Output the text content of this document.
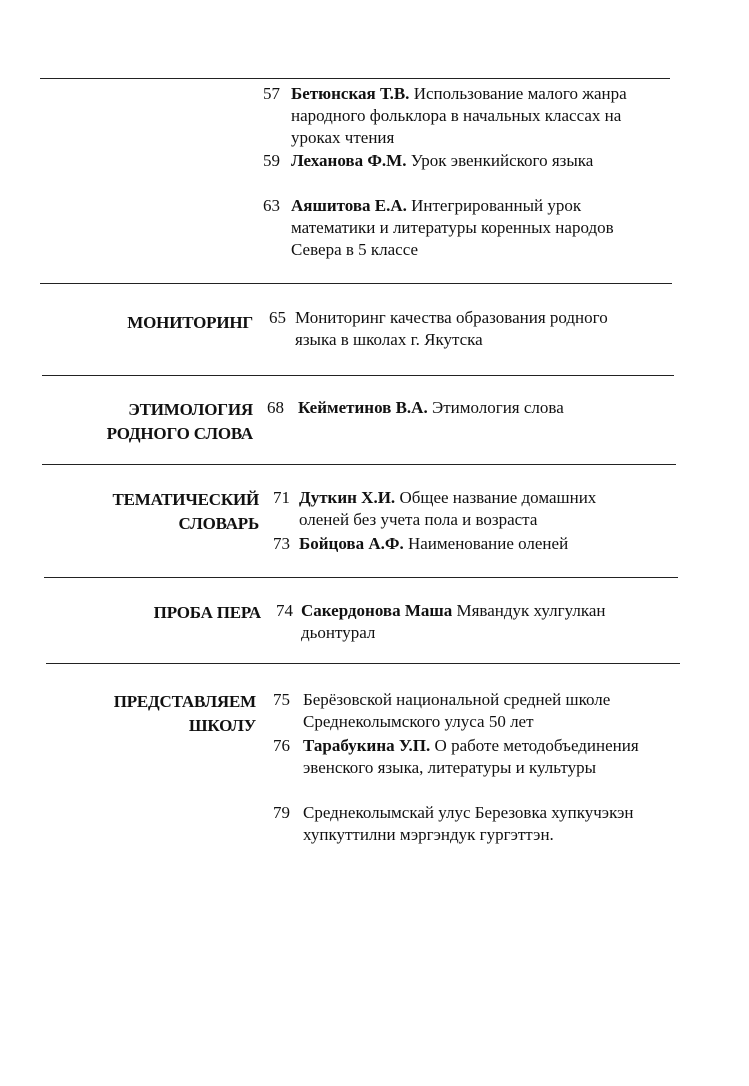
57 Бетюнская Т.В. Использование малого жанра народного фольклора в начальных классах на уроках чтения
59 Леханова Ф.М. Урок эвенкийского языка
63 Аяшитова Е.А. Интегрированный урок математики и литературы коренных народов Севера в 5 классе
МОНИТОРИНГ 65 Мониторинг качества образования родного языка в школах г. Якутска
ЭТИМОЛОГИЯ РОДНОГО СЛОВА
68 Кейметинов В.А. Этимология слова
ТЕМАТИЧЕСКИЙ СЛОВАРЬ
71 Дуткин Х.И. Общее название домашних оленей без учета пола и возраста
73 Бойцова А.Ф. Наименование оленей
ПРОБА ПЕРА 74 Сакердонова Маша Мявандук хулгулкан дьонтурал
ПРЕДСТАВЛЯЕМ ШКОЛУ
75 Берёзовской национальной средней школе Среднеколымского улуса 50 лет
76 Тарабукина У.П. О работе методобъединения эвенского языка, литературы и культуры
79 Среднеколымскай улус Березовка хупкучэкэн хупкуттилни мэргэндук гургэттэн.
